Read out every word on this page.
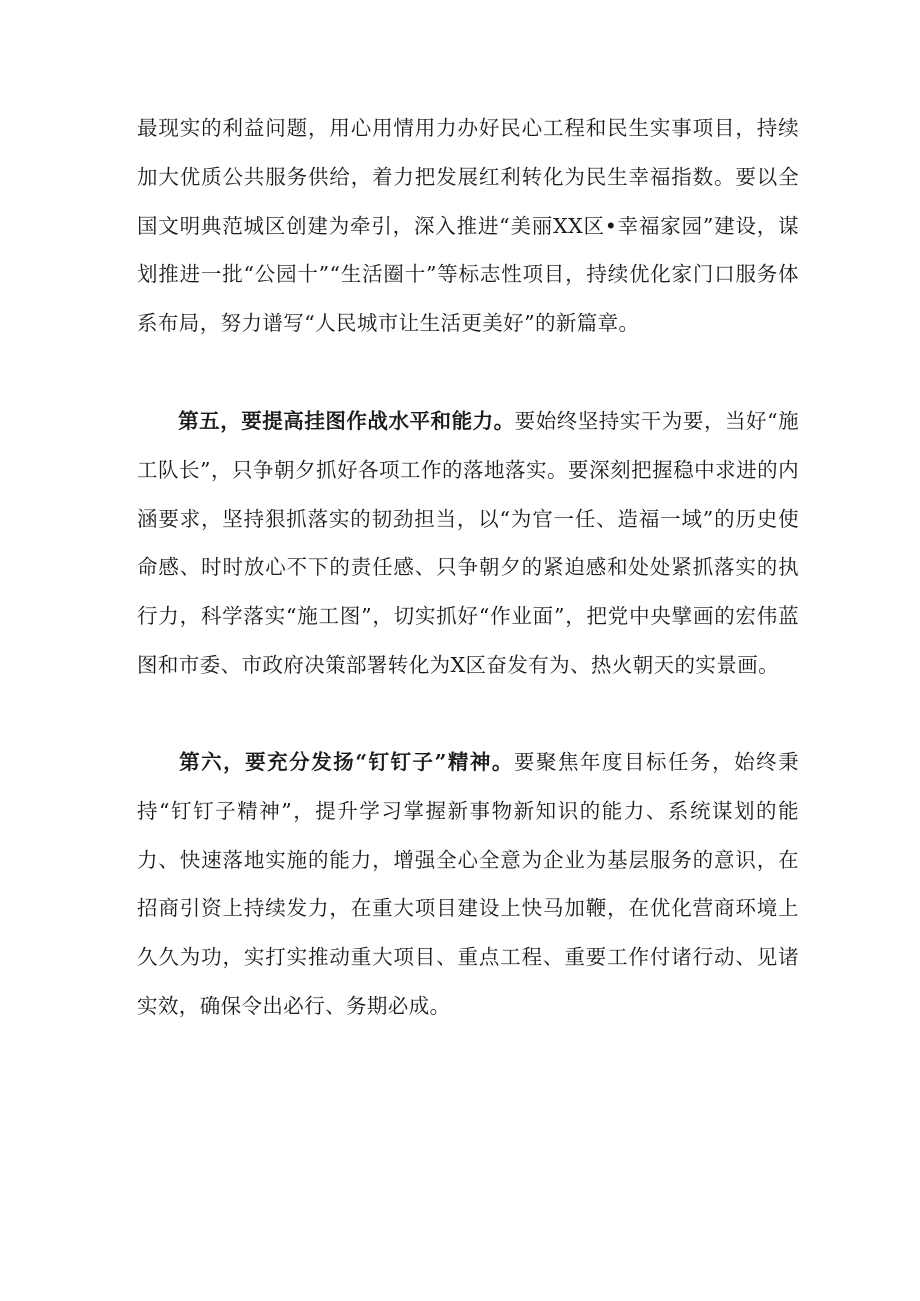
最现实的利益问题，用心用情用力办好民心工程和民生实事项目，持续加大优质公共服务供给，着力把发展红利转化为民生幸福指数。要以全国文明典范城区创建为牵引，深入推进“美丽XX区•幸福家园”建设，谋划推进一批“公园十”“生活圈十”等标志性项目，持续优化家门口服务体系布局，努力谱写“人民城市让生活更美好”的新篇章。

第五，要提高挂图作战水平和能力。要始终坚持实干为要，当好“施工队长”，只争朝夕抓好各项工作的落地落实。要深刻把握稳中求进的内涵要求，坚持狠抓落实的韧劲担当，以“为官一任、造福一域”的历史使命感、时时放心不下的责任感、只争朝夕的紧迫感和处处紧抓落实的执行力，科学落实“施工图”，切实抓好“作业面”，把党中央擘画的宏伟蓝图和市委、市政府决策部署转化为X区奋发有为、热火朝天的实景画。

第六，要充分发扬“钉钉子”精神。要聚焦年度目标任务，始终秉持“钉钉子精神”，提升学习掌握新事物新知识的能力、系统谋划的能力、快速落地实施的能力，增强全心全意为企业为基层服务的意识，在招商引资上持续发力，在重大项目建设上快马加鞭，在优化营商环境上久久为功，实打实推动重大项目、重点工程、重要工作付诸行动、见诸实效，确保令出必行、务期必成。
